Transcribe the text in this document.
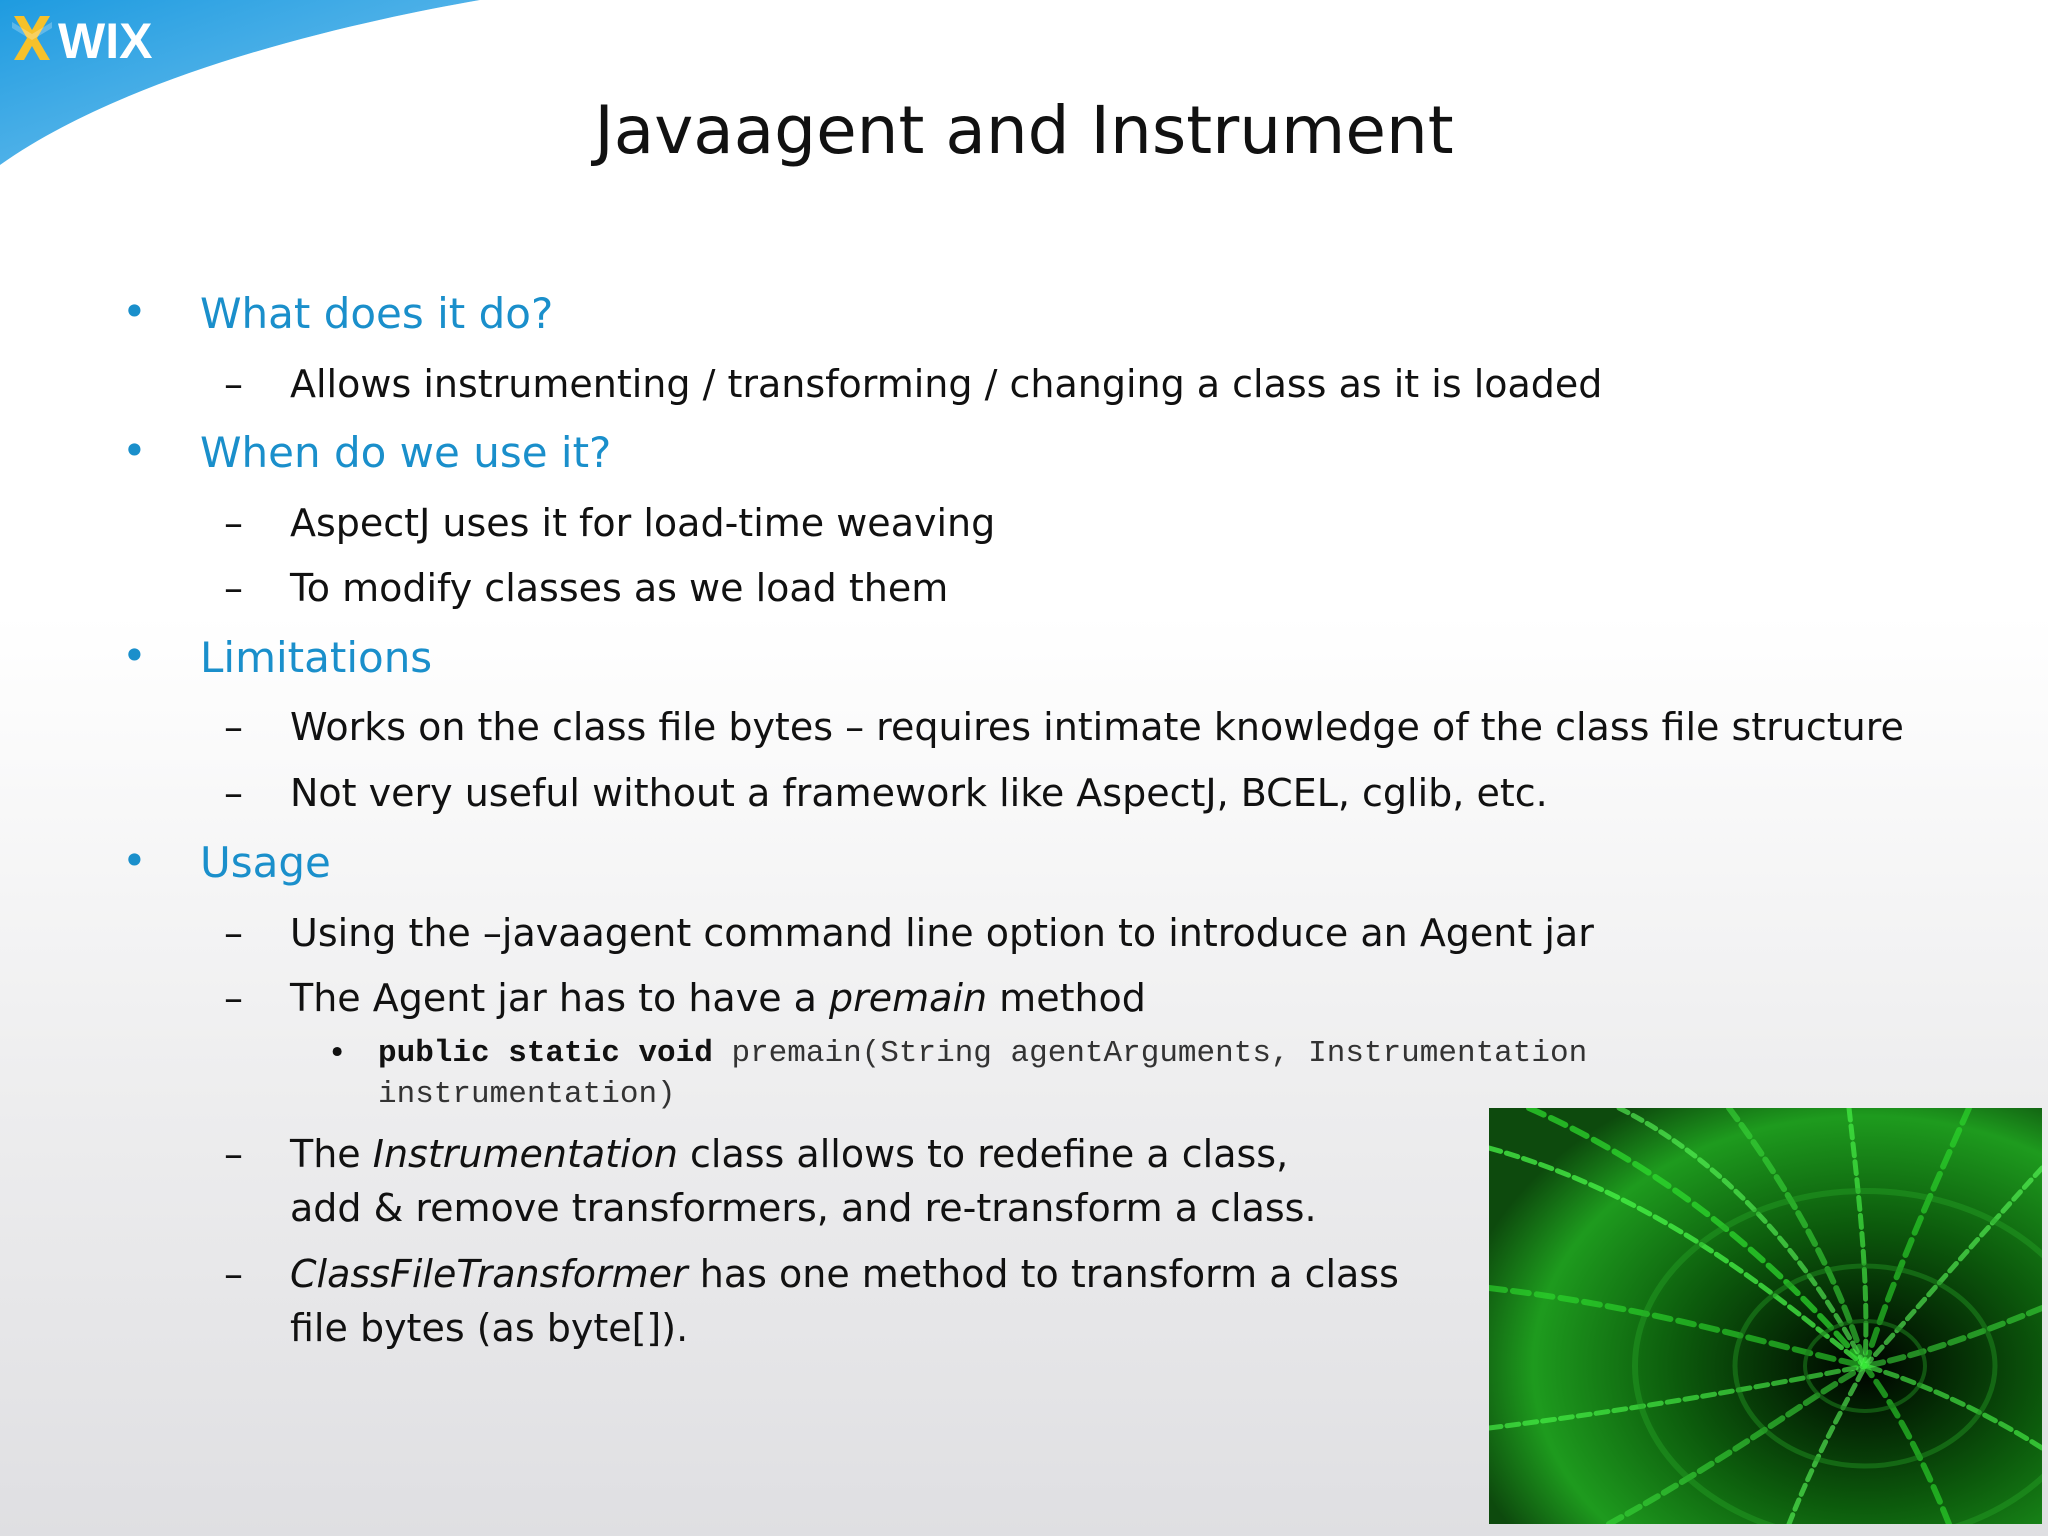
WIX
Javaagent and Instrument
• What does it do?
– Allows instrumenting / transforming / changing a class as it is loaded
• When do we use it?
– AspectJ uses it for load-time weaving
– To modify classes as we load them
• Limitations
– Works on the class file bytes – requires intimate knowledge of the class file structure
– Not very useful without a framework like AspectJ, BCEL, cglib, etc.
• Usage
– Using the –javaagent command line option to introduce an Agent jar
– The Agent jar has to have a premain method
• public static void premain(String agentArguments, Instrumentation
instrumentation)
– The Instrumentation class allows to redefine a class,
add & remove transformers, and re-transform a class.
– ClassFileTransformer has one method to transform a class
file bytes (as byte[]).
